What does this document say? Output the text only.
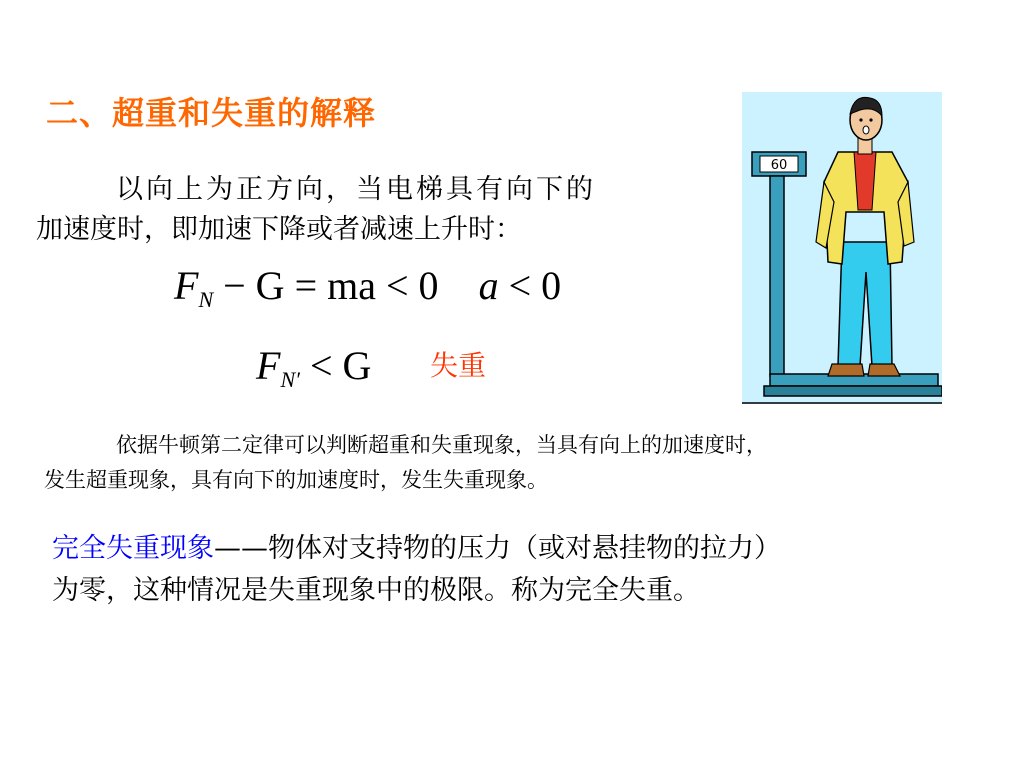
二、超重和失重的解释
以向上为正方向，当电梯具有向下的
加速度时，即加速下降或者减速上升时：
$F_N - G$ = ma < 0 a < 0
$F_{N'} < G$ 失重
依据牛顿第二定律可以判断超重和失重现象，当具有向上的加速度时，
发生超重现象，具有向下的加速度时，发生失重现象。
完全失重现象——物体对支持物的压力（或对悬挂物的拉力）
为零，这种情况是失重现象中的极限。称为完全失重。
60
